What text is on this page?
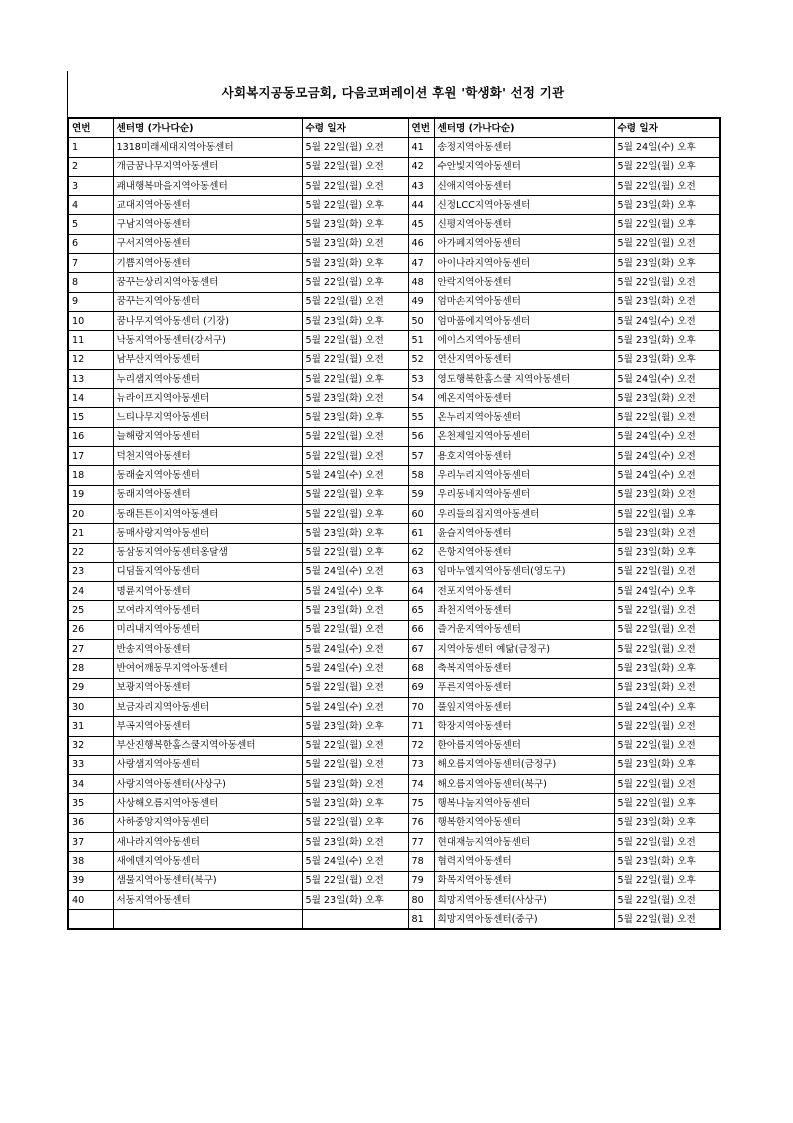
사회복지공동모금회, 다음코퍼레이션 후원 '학생화' 선정 기관
연번	센터명 (가나다순)	수령 일자	연번	센터명 (가나다순)	수령 일자
1	1318미래세대지역아동센터	5월 22일(월) 오전	41	송정지역아동센터	5월 24일(수) 오후
2	개금꿈나무지역아동센터	5월 22일(월) 오전	42	수안빛지역아동센터	5월 22일(월) 오후
3	괘내행복마을지역아동센터	5월 22일(월) 오전	43	신애지역아동센터	5월 22일(월) 오전
4	교대지역아동센터	5월 22일(월) 오후	44	신정LCC지역아동센터	5월 23일(화) 오후
5	구남지역아동센터	5월 23일(화) 오후	45	신평지역아동센터	5월 22일(월) 오후
6	구서지역아동센터	5월 23일(화) 오전	46	아가페지역아동센터	5월 22일(월) 오전
7	기쁨지역아동센터	5월 23일(화) 오후	47	아이나라지역아동센터	5월 23일(화) 오후
8	꿈꾸는상리지역아동센터	5월 22일(월) 오후	48	안락지역아동센터	5월 22일(월) 오전
9	꿈꾸는지역아동센터	5월 22일(월) 오전	49	엄마손지역아동센터	5월 23일(화) 오전
10	꿈나무지역아동센터 (기장)	5월 23일(화) 오후	50	엄마품에지역아동센터	5월 24일(수) 오전
11	낙동지역아동센터(강서구)	5월 22일(월) 오전	51	에이스지역아동센터	5월 23일(화) 오후
12	남부산지역아동센터	5월 22일(월) 오전	52	연산지역아동센터	5월 23일(화) 오후
13	누리샘지역아동센터	5월 22일(월) 오후	53	영도행복한홈스쿨 지역아동센터	5월 24일(수) 오전
14	뉴라이프지역아동센터	5월 23일(화) 오전	54	예온지역아동센터	5월 23일(화) 오전
15	느티나무지역아동센터	5월 23일(화) 오후	55	온누리지역아동센터	5월 22일(월) 오전
16	늘해랑지역아동센터	5월 22일(월) 오전	56	온천제일지역아동센터	5월 24일(수) 오전
17	덕천지역아동센터	5월 22일(월) 오전	57	용호지역아동센터	5월 24일(수) 오전
18	동래숲지역아동센터	5월 24일(수) 오전	58	우리누리지역아동센터	5월 24일(수) 오전
19	동래지역아동센터	5월 22일(월) 오후	59	우리동네지역아동센터	5월 23일(화) 오전
20	동래튼튼이지역아동센터	5월 22일(월) 오후	60	우리들의집지역아동센터	5월 22일(월) 오후
21	동매사랑지역아동센터	5월 23일(화) 오후	61	윤슬지역아동센터	5월 23일(화) 오전
22	동삼동지역아동센터옹달샘	5월 22일(월) 오후	62	은항지역아동센터	5월 23일(화) 오후
23	디딤돌지역아동센터	5월 24일(수) 오전	63	임마누엘지역아동센터(영도구)	5월 22일(월) 오전
24	명륜지역아동센터	5월 24일(수) 오후	64	전포지역아동센터	5월 24일(수) 오후
25	모여라지역아동센터	5월 23일(화) 오전	65	좌천지역아동센터	5월 22일(월) 오전
26	미리내지역아동센터	5월 22일(월) 오전	66	즐거운지역아동센터	5월 22일(월) 오전
27	반송지역아동센터	5월 24일(수) 오전	67	지역아동센터 예닮(금정구)	5월 22일(월) 오전
28	반여어깨동무지역아동센터	5월 24일(수) 오전	68	축복지역아동센터	5월 23일(화) 오후
29	보광지역아동센터	5월 22일(월) 오전	69	푸른지역아동센터	5월 23일(화) 오전
30	보금자리지역아동센터	5월 24일(수) 오전	70	풀잎지역아동센터	5월 24일(수) 오후
31	부곡지역아동센터	5월 23일(화) 오후	71	학장지역아동센터	5월 22일(월) 오전
32	부산진행복한홈스쿨지역아동센터	5월 22일(월) 오전	72	한아름지역아동센터	5월 22일(월) 오전
33	사랑샘지역아동센터	5월 22일(월) 오전	73	해오름지역아동센터(금정구)	5월 23일(화) 오후
34	사랑지역아동센터(사상구)	5월 23일(화) 오전	74	해오름지역아동센터(북구)	5월 22일(월) 오전
35	사상해오름지역아동센터	5월 23일(화) 오후	75	행복나눔지역아동센터	5월 22일(월) 오후
36	사하중앙지역아동센터	5월 22일(월) 오후	76	행복한지역아동센터	5월 23일(화) 오후
37	새나라지역아동센터	5월 23일(화) 오전	77	현대재능지역아동센터	5월 22일(월) 오전
38	새에덴지역아동센터	5월 24일(수) 오전	78	협력지역아동센터	5월 23일(화) 오후
39	샘물지역아동센터(북구)	5월 22일(월) 오전	79	화목지역아동센터	5월 22일(월) 오후
40	서동지역아동센터	5월 23일(화) 오후	80	희망지역아동센터(사상구)	5월 22일(월) 오전
			81	희망지역아동센터(중구)	5월 22일(월) 오전
